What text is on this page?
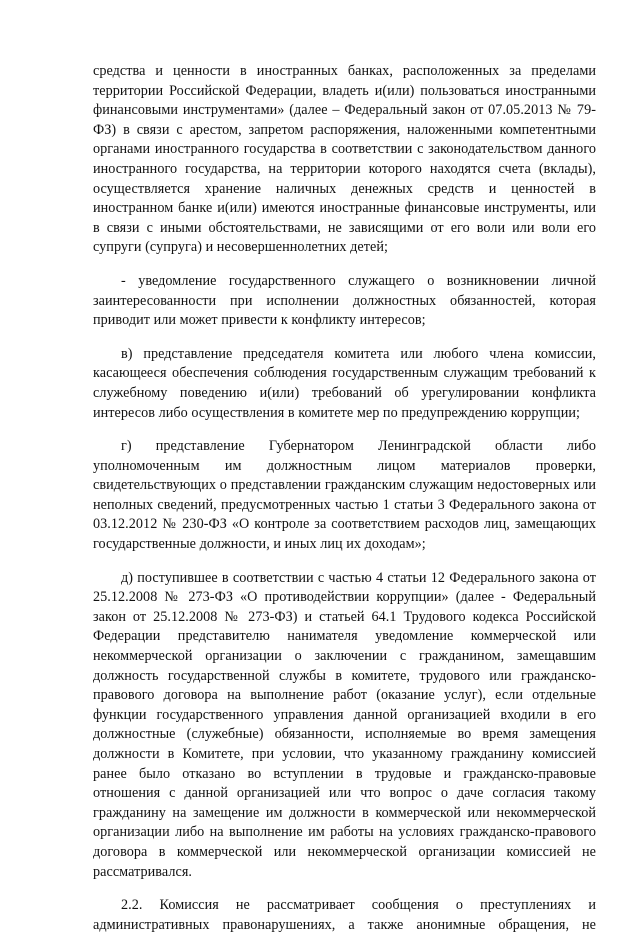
средства и ценности в иностранных банках, расположенных за пределами территории Российской Федерации, владеть и(или) пользоваться иностранными финансовыми инструментами» (далее – Федеральный закон от 07.05.2013 № 79-ФЗ) в связи с арестом, запретом распоряжения, наложенными компетентными органами иностранного государства в соответствии с законодательством данного иностранного государства, на территории которого находятся счета (вклады), осуществляется хранение наличных денежных средств и ценностей в иностранном банке и(или) имеются иностранные финансовые инструменты, или в связи с иными обстоятельствами, не зависящими от его воли или воли его супруги (супруга) и несовершеннолетних детей;

- уведомление государственного служащего о возникновении личной заинтересованности при исполнении должностных обязанностей, которая приводит или может привести к конфликту интересов;

в) представление председателя комитета или любого члена комиссии, касающееся обеспечения соблюдения государственным служащим требований к служебному поведению и(или) требований об урегулировании конфликта интересов либо осуществления в комитете мер по предупреждению коррупции;

г) представление Губернатором Ленинградской области либо уполномоченным им должностным лицом материалов проверки, свидетельствующих о представлении гражданским служащим недостоверных или неполных сведений, предусмотренных частью 1 статьи 3 Федерального закона от 03.12.2012 № 230-ФЗ «О контроле за соответствием расходов лиц, замещающих государственные должности, и иных лиц их доходам»;

д) поступившее в соответствии с частью 4 статьи 12 Федерального закона от 25.12.2008 № 273-ФЗ «О противодействии коррупции» (далее - Федеральный закон от 25.12.2008 № 273-ФЗ) и статьей 64.1 Трудового кодекса Российской Федерации представителю нанимателя уведомление коммерческой или некоммерческой организации о заключении с гражданином, замещавшим должность государственной службы в комитете, трудового или гражданско-правового договора на выполнение работ (оказание услуг), если отдельные функции государственного управления данной организацией входили в его должностные (служебные) обязанности, исполняемые во время замещения должности в Комитете, при условии, что указанному гражданину комиссией ранее было отказано во вступлении в трудовые и гражданско-правовые отношения с данной организацией или что вопрос о даче согласия такому гражданину на замещение им должности в коммерческой или некоммерческой организации либо на выполнение им работы на условиях гражданско-правового договора в коммерческой или некоммерческой организации комиссией не рассматривался.

2.2. Комиссия не рассматривает сообщения о преступлениях и административных правонарушениях, а также анонимные обращения, не
